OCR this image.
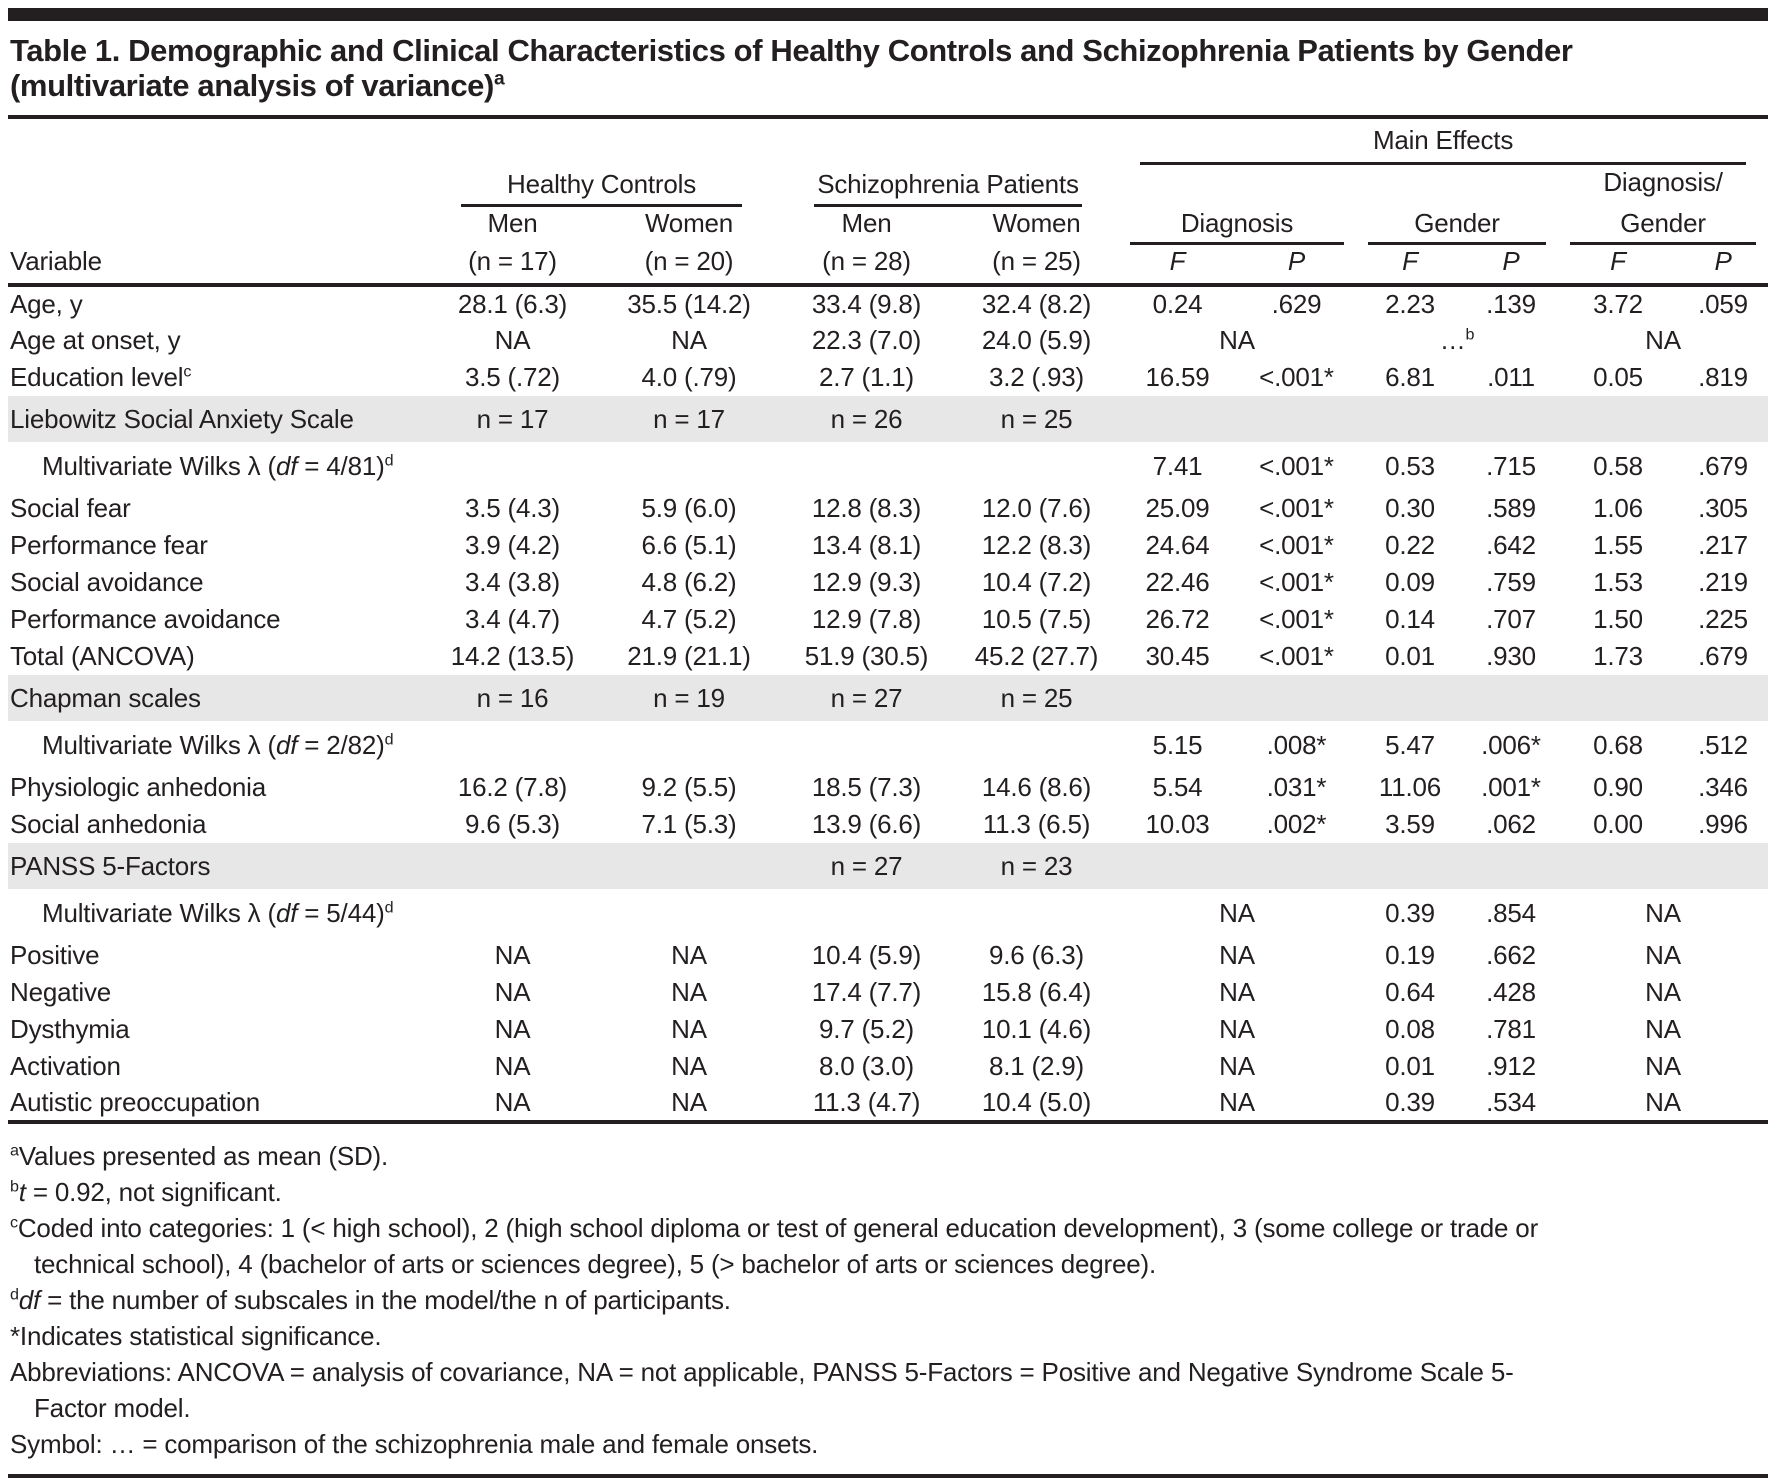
Table 1. Demographic and Clinical Characteristics of Healthy Controls and Schizophrenia Patients by Gender
(multivariate analysis of variance)$^a$

					Main Effects					

	Healthy Controls		Schizophrenia Patients						Diagnosis/	
	Men	Women	Men	Women	Diagnosis		Gender		Gender	

Variable	(n = 17)	(n = 20)	(n = 28)	(n = 25)	F	P	F	P	F	P
Age, y	28.1 (6.3)	35.5 (14.2)	33.4 (9.8)	32.4 (8.2)	0.24	.629	2.23	.139	3.72	.059
Age at onset, y	NA	NA	22.3 (7.0)	24.0 (5.9)	NA		…$^b$		NA	
Education level$^c$	3.5 (.72)	4.0 (.79)	2.7 (1.1)	3.2 (.93)	16.59	<.001*	6.81	.011	0.05	.819
Liebowitz Social Anxiety Scale	n = 17	n = 17	n = 26	n = 25						
Multivariate Wilks λ (df = 4/81)$^d$					7.41	<.001*	0.53	.715	0.58	.679
Social fear	3.5 (4.3)	5.9 (6.0)	12.8 (8.3)	12.0 (7.6)	25.09	<.001*	0.30	.589	1.06	.305
Performance fear	3.9 (4.2)	6.6 (5.1)	13.4 (8.1)	12.2 (8.3)	24.64	<.001*	0.22	.642	1.55	.217
Social avoidance	3.4 (3.8)	4.8 (6.2)	12.9 (9.3)	10.4 (7.2)	22.46	<.001*	0.09	.759	1.53	.219
Performance avoidance	3.4 (4.7)	4.7 (5.2)	12.9 (7.8)	10.5 (7.5)	26.72	<.001*	0.14	.707	1.50	.225
Total (ANCOVA)	14.2 (13.5)	21.9 (21.1)	51.9 (30.5)	45.2 (27.7)	30.45	<.001*	0.01	.930	1.73	.679
Chapman scales	n = 16	n = 19	n = 27	n = 25						
Multivariate Wilks λ (df = 2/82)$^d$					5.15	.008*	5.47	.006*	0.68	.512
Physiologic anhedonia	16.2 (7.8)	9.2 (5.5)	18.5 (7.3)	14.6 (8.6)	5.54	.031*	11.06	.001*	0.90	.346
Social anhedonia	9.6 (5.3)	7.1 (5.3)	13.9 (6.6)	11.3 (6.5)	10.03	.002*	3.59	.062	0.00	.996
PANSS 5-Factors			n = 27	n = 23						
Multivariate Wilks λ (df = 5/44)$^d$					NA		0.39	.854	NA	
Positive	NA	NA	10.4 (5.9)	9.6 (6.3)	NA		0.19	.662	NA	
Negative	NA	NA	17.4 (7.7)	15.8 (6.4)	NA		0.64	.428	NA	
Dysthymia	NA	NA	9.7 (5.2)	10.1 (4.6)	NA		0.08	.781	NA	
Activation	NA	NA	8.0 (3.0)	8.1 (2.9)	NA		0.01	.912	NA	
Autistic preoccupation	NA	NA	11.3 (4.7)	10.4 (5.0)	NA		0.39	.534	NA	

$^a$Values presented as mean (SD).

$^b$t = 0.92, not significant.

$^c$Coded into categories: 1 (< high school), 2 (high school diploma or test of general education development), 3 (some college or trade or technical school), 4 (bachelor of arts or sciences degree), 5 (> bachelor of arts or sciences degree).

$^d$df = the number of subscales in the model/the n of participants.

*Indicates statistical significance.

Abbreviations: ANCOVA = analysis of covariance, NA = not applicable, PANSS 5-Factors = Positive and Negative Syndrome Scale 5-Factor model.

Symbol: … = comparison of the schizophrenia male and female onsets.
